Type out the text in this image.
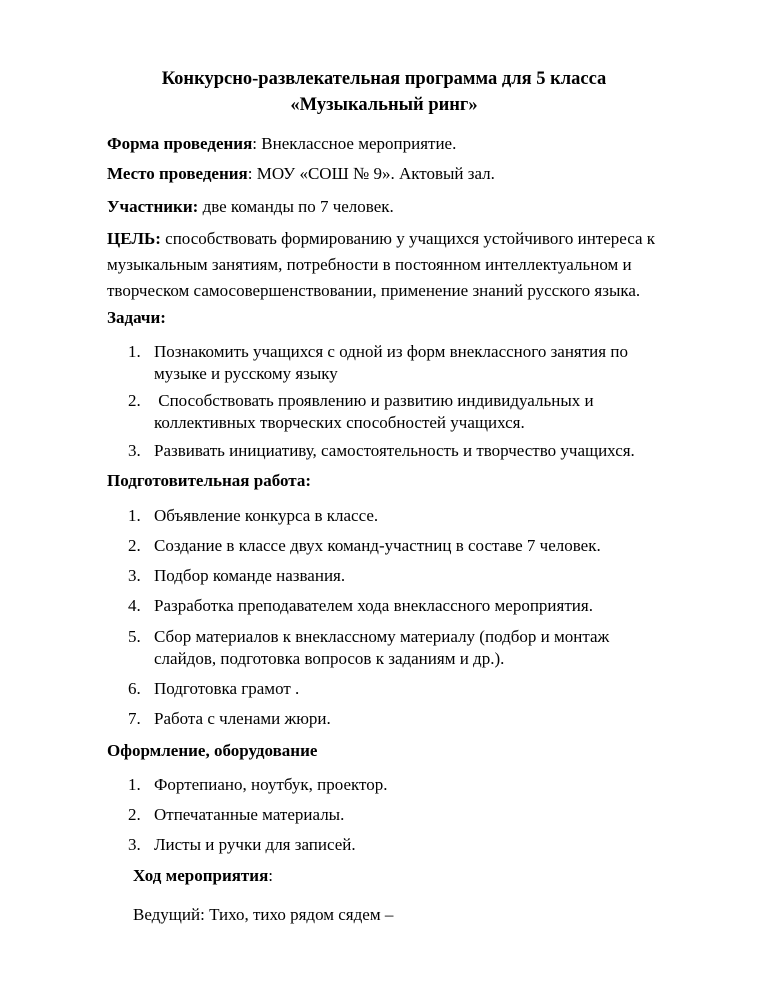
Конкурсно-развлекательная программа для 5 класса
«Музыкальный ринг»
Форма проведения: Внеклассное мероприятие.
Место проведения: МОУ «СОШ № 9». Актовый зал.
Участники: две команды по 7 человек.
ЦЕЛЬ: способствовать формированию у учащихся устойчивого интереса к
музыкальным занятиям, потребности в постоянном интеллектуальном и
творческом самосовершенствовании, применение знаний русского языка.
Задачи:
1. Познакомить учащихся с одной из форм внеклассного занятия по
музыке и русскому языку
2. Способствовать проявлению и развитию индивидуальных и
коллективных творческих способностей учащихся.
3. Развивать инициативу, самостоятельность и творчество учащихся.
Подготовительная работа:
1. Объявление конкурса в классе.
2. Создание в классе двух команд-участниц в составе 7 человек.
3. Подбор команде названия.
4. Разработка преподавателем хода внеклассного мероприятия.
5. Сбор материалов к внеклассному материалу (подбор и монтаж
слайдов, подготовка вопросов к заданиям и др.).
6. Подготовка грамот .
7. Работа с членами жюри.
Оформление, оборудование
1. Фортепиано, ноутбук, проектор.
2. Отпечатанные материалы.
3. Листы и ручки для записей.
Ход мероприятия:
Ведущий: Тихо, тихо рядом сядем –
